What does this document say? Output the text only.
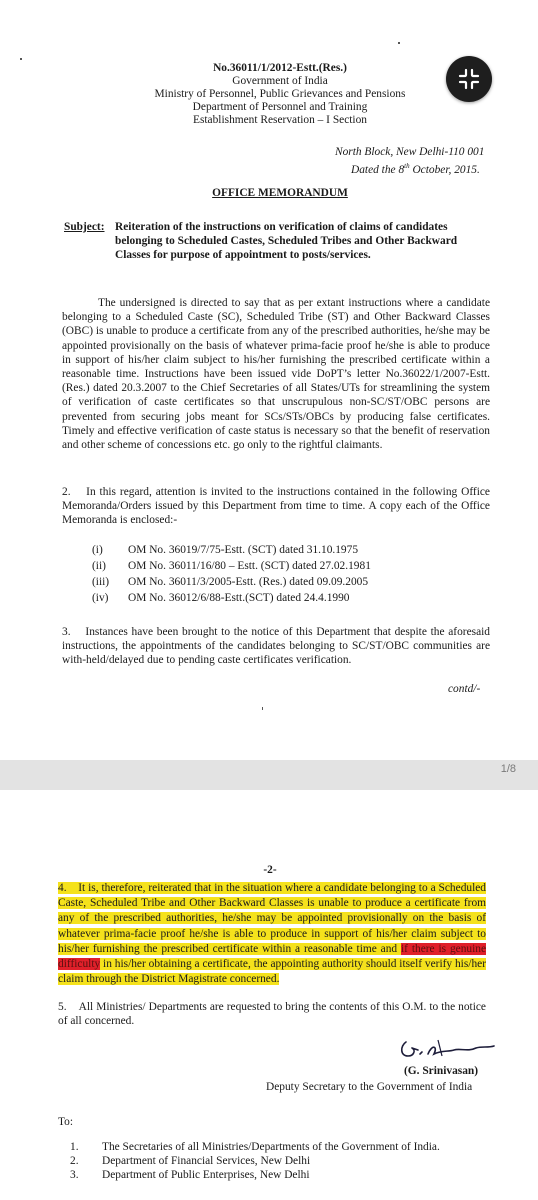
No.36011/1/2012-Estt.(Res.)
Government of India
Ministry of Personnel, Public Grievances and Pensions
Department of Personnel and Training
Establishment Reservation – I Section
North Block, New Delhi-110 001
Dated the 8th October, 2015.
OFFICE MEMORANDUM
Subject: Reiteration of the instructions on verification of claims of candidates
belonging to Scheduled Castes, Scheduled Tribes and Other Backward
Classes for purpose of appointment to posts/services.
The undersigned is directed to say that as per extant instructions where a candidate belonging to a Scheduled Caste (SC), Scheduled Tribe (ST) and Other Backward Classes (OBC) is unable to produce a certificate from any of the prescribed authorities, he/she may be appointed provisionally on the basis of whatever prima-facie proof he/she is able to produce in support of his/her claim subject to his/her furnishing the prescribed certificate within a reasonable time. Instructions have been issued vide DoPT’s letter No.36022/1/2007-Estt.(Res.) dated 20.3.2007 to the Chief Secretaries of all States/UTs for streamlining the system of verification of caste certificates so that unscrupulous non-SC/ST/OBC persons are prevented from securing jobs meant for SCs/STs/OBCs by producing false certificates. Timely and effective verification of caste status is necessary so that the benefit of reservation and other scheme of concessions etc. go only to the rightful claimants.
2.    In this regard, attention is invited to the instructions contained in the following Office Memoranda/Orders issued by this Department from time to time. A copy each of the Office Memoranda is enclosed:-
(i) OM No. 36019/7/75-Estt. (SCT) dated 31.10.1975
(ii) OM No. 36011/16/80 – Estt. (SCT) dated 27.02.1981
(iii) OM No. 36011/3/2005-Estt. (Res.) dated 09.09.2005
(iv) OM No. 36012/6/88-Estt.(SCT) dated 24.4.1990
3.    Instances have been brought to the notice of this Department that despite the aforesaid instructions, the appointments of the candidates belonging to SC/ST/OBC communities are with-held/delayed due to pending caste certificates verification.
contd/-
1/8
-2-
4.    It is, therefore, reiterated that in the situation where a candidate belonging to a Scheduled Caste, Scheduled Tribe and Other Backward Classes is unable to produce a certificate from any of the prescribed authorities, he/she may be appointed provisionally on the basis of whatever prima-facie proof he/she is able to produce in support of his/her claim subject to his/her furnishing the prescribed certificate within a reasonable time and if there is genuine difficulty in his/her obtaining a certificate, the appointing authority should itself verify his/her claim through the District Magistrate concerned.
5.    All Ministries/ Departments are requested to bring the contents of this O.M. to the notice of all concerned.
(G. Srinivasan)
Deputy Secretary to the Government of India
To:
1. The Secretaries of all Ministries/Departments of the Government of India.
2. Department of Financial Services, New Delhi
3. Department of Public Enterprises, New Delhi
